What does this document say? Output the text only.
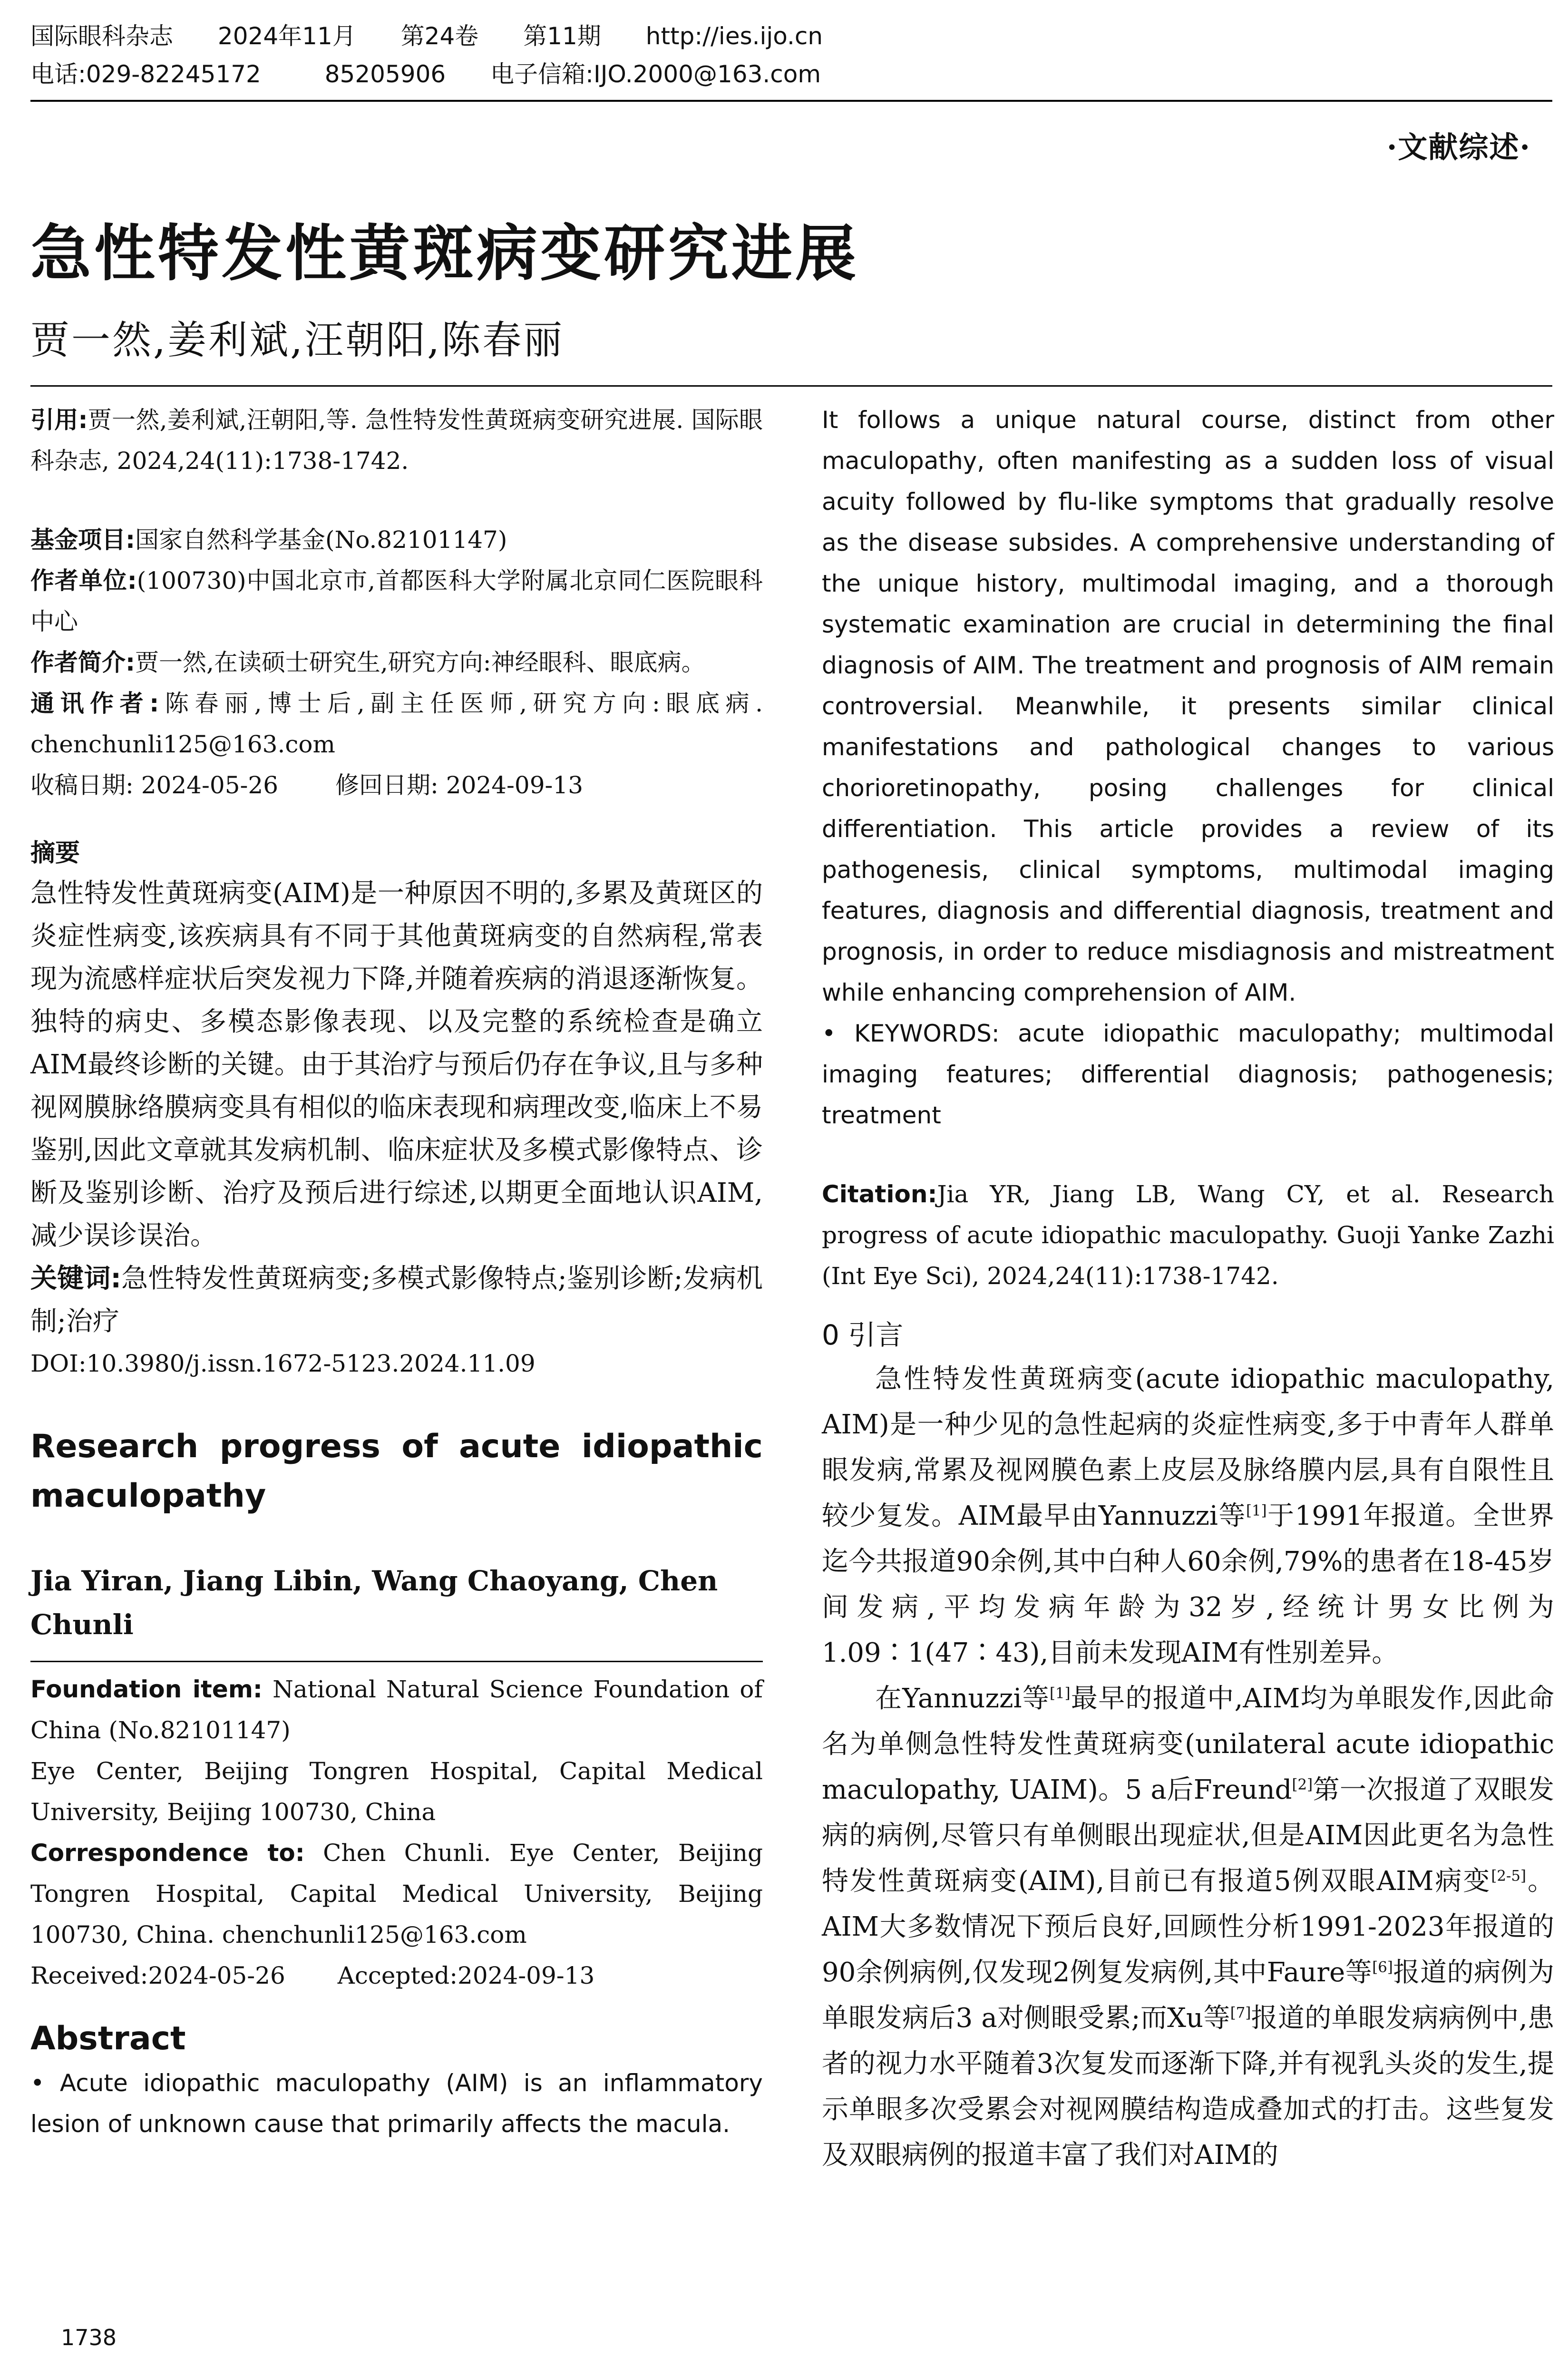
国际眼科杂志 2024年11月 第24卷 第11期 http://ies.ijo.cn
电话:029-82245172	85205906 电子信箱:IJO.2000@163.com
·文献综述·
急性特发性黄斑病变研究进展
贾一然,姜利斌,汪朝阳,陈春丽
引用:贾一然,姜利斌,汪朝阳,等. 急性特发性黄斑病变研究进展. 国际眼科杂志, 2024,24(11):1738-1742.
基金项目:国家自然科学基金(No.82101147)
作者单位:(100730)中国北京市,首都医科大学附属北京同仁医院眼科中心
作者简介:贾一然,在读硕士研究生,研究方向:神经眼科、眼底病。
通讯作者:陈春丽,博士后,副主任医师,研究方向:眼底病. chenchunli125@163.com
收稿日期: 2024-05-26 修回日期: 2024-09-13
摘要
急性特发性黄斑病变(AIM)是一种原因不明的,多累及黄斑区的炎症性病变,该疾病具有不同于其他黄斑病变的自然病程,常表现为流感样症状后突发视力下降,并随着疾病的消退逐渐恢复。独特的病史、多模态影像表现、以及完整的系统检查是确立AIM最终诊断的关键。由于其治疗与预后仍存在争议,且与多种视网膜脉络膜病变具有相似的临床表现和病理改变,临床上不易鉴别,因此文章就其发病机制、临床症状及多模式影像特点、诊断及鉴别诊断、治疗及预后进行综述,以期更全面地认识AIM,减少误诊误治。
关键词:急性特发性黄斑病变;多模式影像特点;鉴别诊断;发病机制;治疗
DOI:10.3980/j.issn.1672-5123.2024.11.09
Research progress of acute idiopathic maculopathy
Jia Yiran, Jiang Libin, Wang Chaoyang, Chen Chunli
Foundation item: National Natural Science Foundation of China (No.82101147)
Eye Center, Beijing Tongren Hospital, Capital Medical University, Beijing 100730, China
Correspondence to: Chen Chunli. Eye Center, Beijing Tongren Hospital, Capital Medical University, Beijing 100730, China. chenchunli125@163.com
Received:2024-05-26 Accepted:2024-09-13
Abstract
• Acute idiopathic maculopathy (AIM) is an inflammatory lesion of unknown cause that primarily affects the macula.
It follows a unique natural course, distinct from other maculopathy, often manifesting as a sudden loss of visual acuity followed by flu-like symptoms that gradually resolve as the disease subsides. A comprehensive understanding of the unique history, multimodal imaging, and a thorough systematic examination are crucial in determining the final diagnosis of AIM. The treatment and prognosis of AIM remain controversial. Meanwhile, it presents similar clinical manifestations and pathological changes to various chorioretinopathy, posing challenges for clinical differentiation. This article provides a review of its pathogenesis, clinical symptoms, multimodal imaging features, diagnosis and differential diagnosis, treatment and prognosis, in order to reduce misdiagnosis and mistreatment while enhancing comprehension of AIM.
• KEYWORDS: acute idiopathic maculopathy; multimodal imaging features; differential diagnosis; pathogenesis; treatment
Citation:Jia YR, Jiang LB, Wang CY, et al. Research progress of acute idiopathic maculopathy. Guoji Yanke Zazhi (Int Eye Sci), 2024,24(11):1738-1742.
0 引言
急性特发性黄斑病变(acute idiopathic maculopathy, AIM)是一种少见的急性起病的炎症性病变,多于中青年人群单眼发病,常累及视网膜色素上皮层及脉络膜内层,具有自限性且较少复发。AIM最早由Yannuzzi等[1]于1991年报道。全世界迄今共报道90余例,其中白种人60余例,79%的患者在18-45岁间发病,平均发病年龄为32岁,经统计男女比例为1.09∶1(47∶43),目前未发现AIM有性别差异。
在Yannuzzi等[1]最早的报道中,AIM均为单眼发作,因此命名为单侧急性特发性黄斑病变(unilateral acute idiopathic maculopathy, UAIM)。5 a后Freund[2]第一次报道了双眼发病的病例,尽管只有单侧眼出现症状,但是AIM因此更名为急性特发性黄斑病变(AIM),目前已有报道5例双眼AIM病变[2-5]。AIM大多数情况下预后良好,回顾性分析1991-2023年报道的90余例病例,仅发现2例复发病例,其中Faure等[6]报道的病例为单眼发病后3 a对侧眼受累;而Xu等[7]报道的单眼发病病例中,患者的视力水平随着3次复发而逐渐下降,并有视乳头炎的发生,提示单眼多次受累会对视网膜结构造成叠加式的打击。这些复发及双眼病例的报道丰富了我们对AIM的
1738
